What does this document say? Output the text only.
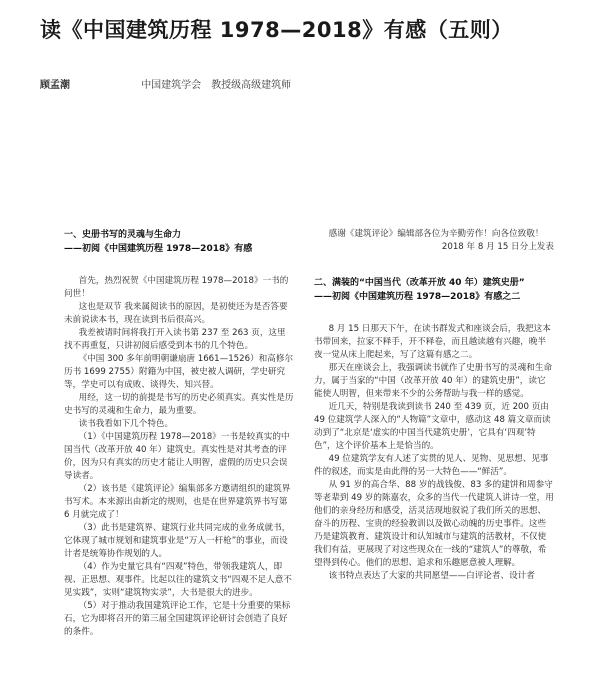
读《中国建筑历程 1978—2018》有感（五则）
顾孟潮	中国建筑学会　教授级高级建筑师
一、史册书写的灵魂与生命力
——初阅《中国建筑历程 1978—2018》有感

首先，热烈祝贺《中国建筑历程 1978—2018》一书的问世！

这也是双节 我来属阅读书的原因，是初使还为是否答要未前说读本书，现在读到书后很高兴。

我差被请时间将我打开入读书第 237 至 263 页，这里找不再重复，只讲初阅后感受到本书的几个特色。

《中国 300 多年前明朝谦扇唐 1661—1526）和高修尔历书 1699 2755）附籍为中国，被史被人调研，学史研究等，学史可以有成败、谈得失、知兴替。

用经，这一切的前提是书写的历史必须真实。真实性是历史书写的灵魂和生命力，最为重要。

读书我看如下几个特色。

（1）《中国建筑历程 1978—2018》一书是较真实的中国当代（改革开放 40 年）建筑史。真实性是对其考查的评价，因为只有真实的历史才能让人明智，虚假的历史只会误导读者。

（2）该书是《建筑评论》编集部多方邀请组织的建筑界书写术。本来源出由新定的规则，也是在世界建筑界书写第 6 月就完成了！

（3）此书是建筑界、建筑行业共同完成的业务成就书，它体现了城市规划和建筑事业是“万人一杆枪”的事业，而设计者是统筹协作规划的人。

（4）作为史量它具有“四观”特色，带领我建筑人，即视、正思想、观事件。比起以往的建筑文书“四观不足人意不见实践”，实则“建筑物实录”，大书是很大的进步。

（5）对于推动我国建筑评论工作，它是十分重要的果标石，它为即将召开的第三届全国建筑评论研讨会创造了良好的条件。

感谢《建筑评论》编辑部各位为辛勤劳作！向各位致敬！

2018 年 8 月 15 日分上发表

二、满装的“中国当代（改革开放 40 年）建筑史册”
——初阅《中国建筑历程 1978—2018》有感之二

8 月 15 日那天下午，在读书群发式和座谈会后，我把这本书带回来，拉家不释手，开不释卷，而且越读越有兴趣，晚半夜一觉从床上爬起来，写了这篇有感之二。

那天在座谈会上，我强调读书就作了史册书写的灵魂和生命力，属于当家的“中国（改革开放 40 年）的建筑史册”，读它能使人明智，但来带来不少的公务帮助与我一样的感觉。

近几天，特别是我读到读书 240 至 439 页，近 200 页由 49 位建筑学人深入的“人物篇”文章中，感动这 48 篇文章而读动到了“北京是‘虚实的中国当代建筑史册’，它具有‘四观’特色”，这个评价基本上是恰当的。

49 位建筑学友有人述了实贯的见人、见物、见思想、见事件的叙述，而实是由此得的另一大特色——“鲜活”。

从 91 岁的高合华、88 岁的战钱俊、83 多的建饼和周参守等老辈到 49 岁的陈嘉农，众多的当代一代建筑人讲诗一堂，用他们的亲身经历和感受，活灵活现地叙说了我们所关的思想、奋斗的历程、宝贵的经验教训以及做心动魄的历史事件。这些乃是建筑教育、建筑设计和认知城市与建筑的活教材，不仅使我们有益，更展现了对这些现众在一线的“建筑人”的尊敬，希望得到传心。他们的思想、追求和乐趣愿意被人理解。

该书特点表达了大家的共同愿望——白评论者、设计者
